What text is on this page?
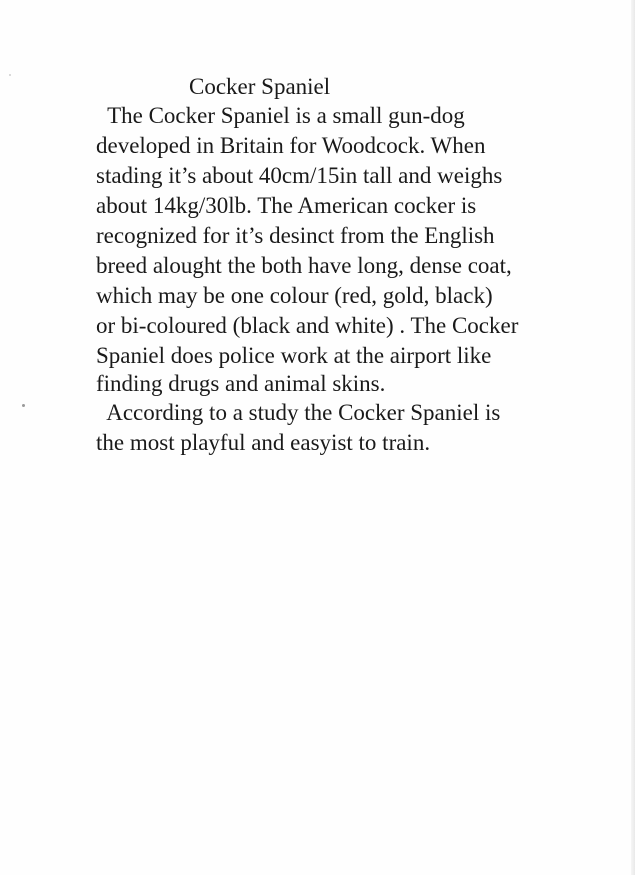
Cocker Spaniel

The Cocker Spaniel is a small gun-dog

developed in Britain for Woodcock. When

stading it’s about 40cm/15in tall and weighs

about 14kg/30lb. The American cocker is

recognized for it’s desinct from the English

breed alought the both have long, dense coat,

which may be one colour (red, gold, black)

or bi-coloured (black and white) . The Cocker

Spaniel does police work at the airport like

finding drugs and animal skins.

According to a study the Cocker Spaniel is

the most playful and easyist to train.
